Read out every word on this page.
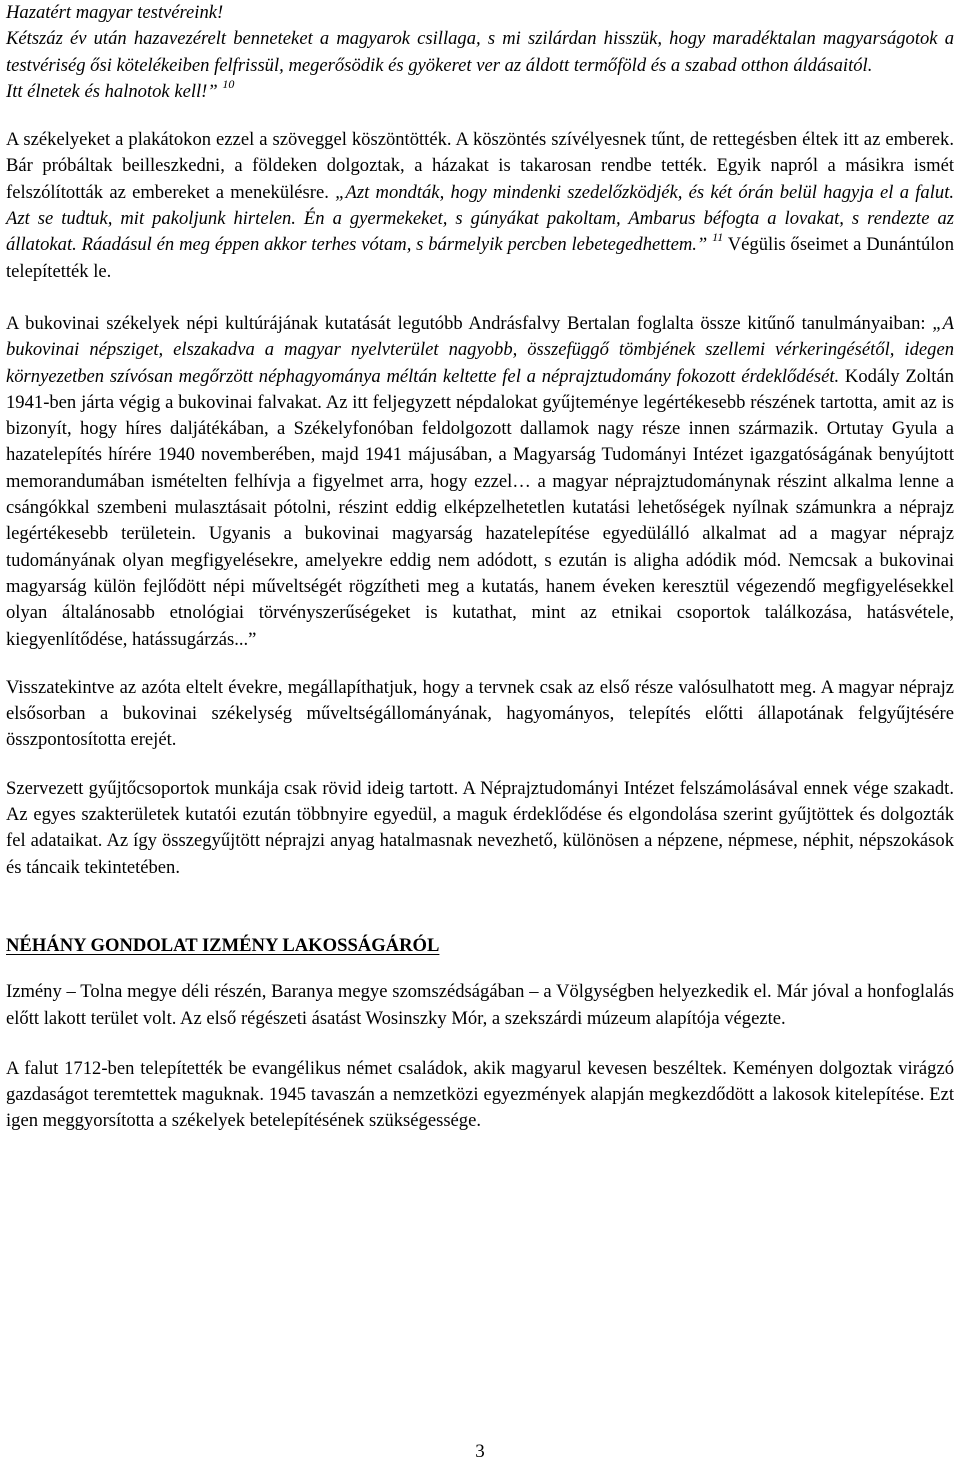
Hazatért magyar testvéreink!
Kétszáz év után hazavezérelt benneteket a magyarok csillaga, s mi szilárdan hisszük, hogy maradéktalan magyarságotok a testvériség ősi kötelékeiben felfrissül, megerősödik és gyökeret ver az áldott termőföld és a szabad otthon áldásaitól.
Itt élnetek és halnotok kell!” $^{10}$

A székelyeket a plakátokon ezzel a szöveggel köszöntötték. A köszöntés szívélyesnek tűnt, de rettegésben éltek itt az emberek. Bár próbáltak beilleszkedni, a földeken dolgoztak, a házakat is takarosan rendbe tették. Egyik napról a másikra ismét felszólították az embereket a menekülésre. „Azt mondták, hogy mindenki szedelőzködjék, és két órán belül hagyja el a falut. Azt se tudtuk, mit pakoljunk hirtelen. Én a gyermekeket, s gúnyákat pakoltam, Ambarus béfogta a lovakat, s rendezte az állatokat. Ráadásul én meg éppen akkor terhes vótam, s bármelyik percben lebetegedhettem.” $^{11}$ Végülis őseimet a Dunántúlon telepítették le.

A bukovinai székelyek népi kultúrájának kutatását legutóbb Andrásfalvy Bertalan foglalta össze kitűnő tanulmányaiban: „A bukovinai népsziget, elszakadva a magyar nyelvterület nagyobb, összefüggő tömbjének szellemi vérkeringésétől, idegen környezetben szívósan megőrzött néphagyománya méltán keltette fel a néprajztudomány fokozott érdeklődését. Kodály Zoltán 1941-ben járta végig a bukovinai falvakat. Az itt feljegyzett népdalokat gyűjteménye legértékesebb részének tartotta, amit az is bizonyít, hogy híres daljátékában, a Székelyfonóban feldolgozott dallamok nagy része innen származik. Ortutay Gyula a hazatelepítés hírére 1940 novemberében, majd 1941 májusában, a Magyarság Tudományi Intézet igazgatóságának benyújtott memorandumában ismételten felhívja a figyelmet arra, hogy ezzel… a magyar néprajztudománynak részint alkalma lenne a csángókkal szembeni mulasztásait pótolni, részint eddig elképzelhetetlen kutatási lehetőségek nyílnak számunkra a néprajz legértékesebb területein. Ugyanis a bukovinai magyarság hazatelepítése egyedülálló alkalmat ad a magyar néprajz tudományának olyan megfigyelésekre, amelyekre eddig nem adódott, s ezután is aligha adódik mód. Nemcsak a bukovinai magyarság külön fejlődött népi műveltségét rögzítheti meg a kutatás, hanem éveken keresztül végezendő megfigyelésekkel olyan általánosabb etnológiai törvényszerűségeket is kutathat, mint az etnikai csoportok találkozása, hatásvétele, kiegyenlítődése, hatássugárzás...”

Visszatekintve az azóta eltelt évekre, megállapíthatjuk, hogy a tervnek csak az első része valósulhatott meg. A magyar néprajz elsősorban a bukovinai székelység műveltségállományának, hagyományos, telepítés előtti állapotának felgyűjtésére összpontosította erejét.

Szervezett gyűjtőcsoportok munkája csak rövid ideig tartott. A Néprajztudományi Intézet felszámolásával ennek vége szakadt. Az egyes szakterületek kutatói ezután többnyire egyedül, a maguk érdeklődése és elgondolása szerint gyűjtöttek és dolgozták fel adataikat. Az így összegyűjtött néprajzi anyag hatalmasnak nevezhető, különösen a népzene, népmese, néphit, népszokások és táncaik tekintetében.

NÉHÁNY GONDOLAT IZMÉNY LAKOSSÁGÁRÓL

Izmény – Tolna megye déli részén, Baranya megye szomszédságában – a Völgységben helyezkedik el. Már jóval a honfoglalás előtt lakott terület volt. Az első régészeti ásatást Wosinszky Mór, a szekszárdi múzeum alapítója végezte.

A falut 1712-ben telepítették be evangélikus német családok, akik magyarul kevesen beszéltek. Keményen dolgoztak virágzó gazdaságot teremtettek maguknak. 1945 tavaszán a nemzetközi egyezmények alapján megkezdődött a lakosok kitelepítése. Ezt igen meggyorsította a székelyek betelepítésének szükségessége.

3
